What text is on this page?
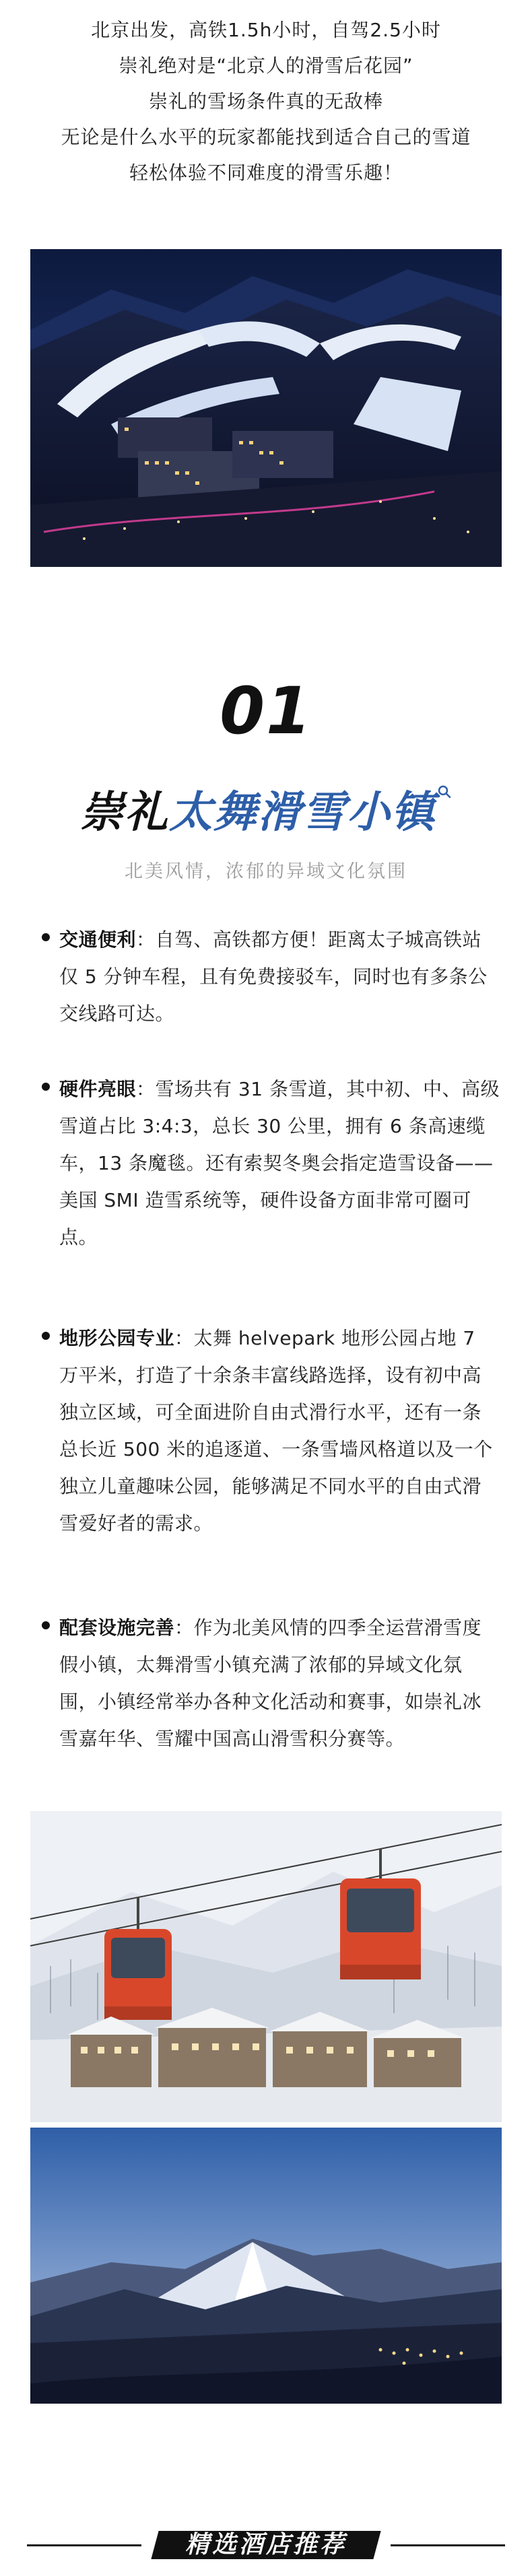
北京出发，高铁1.5h小时，自驾2.5小时

崇礼绝对是“北京人的滑雪后花园”

崇礼的雪场条件真的无敌棒

无论是什么水平的玩家都能找到适合自己的雪道

轻松体验不同难度的滑雪乐趣！

01
崇礼太舞滑雪小镇
北美风情，浓郁的异域文化氛围

交通便利：自驾、高铁都方便！距离太子城高铁站仅 5 分钟车程，且有免费接驳车，同时也有多条公交线路可达。

硬件亮眼：雪场共有 31 条雪道，其中初、中、高级雪道占比 3:4:3，总长 30 公里，拥有 6 条高速缆车，13 条魔毯。还有索契冬奥会指定造雪设备——美国 SMI 造雪系统等，硬件设备方面非常可圈可点。

地形公园专业：太舞 helvepark 地形公园占地 7 万平米，打造了十余条丰富线路选择，设有初中高独立区域，可全面进阶自由式滑行水平，还有一条总长近 500 米的追逐道、一条雪墙风格道以及一个独立儿童趣味公园，能够满足不同水平的自由式滑雪爱好者的需求。

配套设施完善：作为北美风情的四季全运营滑雪度假小镇，太舞滑雪小镇充满了浓郁的异域文化氛围，小镇经常举办各种文化活动和赛事，如崇礼冰雪嘉年华、雪耀中国高山滑雪积分赛等。

精选酒店推荐
